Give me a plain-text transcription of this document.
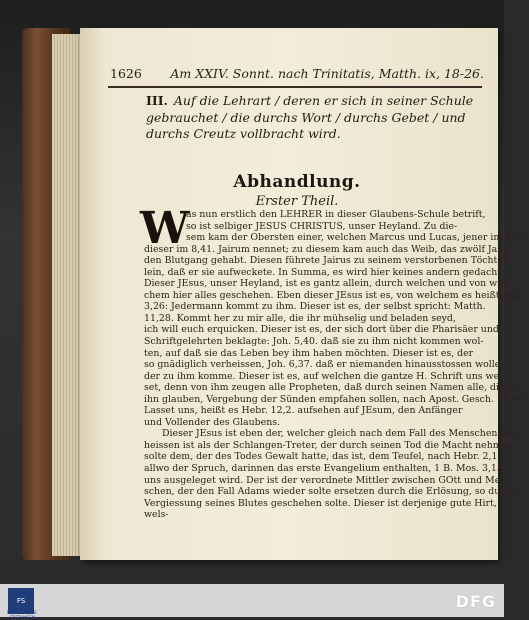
1626 Am XXIV. Sonnt. nach Trinitatis, Matth. ix, 18-26.
III. Auf die Lehrart / deren er sich in seiner Schule gebrauchet / die durchs Wort / durchs Gebet / und durchs Creutz vollbracht wird.
Abhandlung.
Erster Theil.
W
as nun erstlich den LEHRER in dieser Glaubens-Schule betrift,
so ist selbiger JESUS CHRISTUS, unser Heyland. Zu die-
sem kam der Obersten einer, welchen Marcus und Lucas, jener im 5,22.
dieser im 8,41. Jairum nennet; zu diesem kam auch das Weib, das zwölf Jahr
den Blutgang gehabt. Diesen führete Jairus zu seinem verstorbenen Töchter-
lein, daß er sie aufweckete. In Summa, es wird hier keines andern gedacht.
Dieser JEsus, unser Heyland, ist es gantz allein, durch welchen und von wel-
chem hier alles geschehen. Eben dieser JEsus ist es, von welchem es heißt Joh.
3,26: Jedermann kommt zu ihm. Dieser ist es, der selbst spricht: Matth.
11,28. Kommt her zu mir alle, die ihr mühselig und beladen seyd,
ich will euch erquicken. Dieser ist es, der sich dort über die Pharisäer und
Schriftgelehrten beklagte: Joh. 5,40. daß sie zu ihm nicht kommen wol-
ten, auf daß sie das Leben bey ihm haben möchten. Dieser ist es, der
so gnädiglich verheissen, Joh. 6,37. daß er niemanden hinausstossen wolle,
der zu ihm komme. Dieser ist es, auf welchen die gantze H. Schrift uns wei-
set, denn von ihm zeugen alle Propheten, daß durch seinen Namen alle, die an
ihn glauben, Vergebung der Sünden empfahen sollen, nach Apost. Gesch. 10,43.
Lasset uns, heißt es Hebr. 12,2. aufsehen auf JEsum, den Anfänger
und Vollender des Glaubens.
Dieser JEsus ist eben der, welcher gleich nach dem Fall des Menschen ver-
heissen ist als der Schlangen-Treter, der durch seinen Tod die Macht nehmen
solte dem, der des Todes Gewalt hatte, das ist, dem Teufel, nach Hebr. 2,14.
allwo der Spruch, darinnen das erste Evangelium enthalten, 1 B. Mos. 3,15.
uns ausgeleget wird. Der ist der verordnete Mittler zwischen GOtt und Men-
schen, der den Fall Adams wieder solte ersetzen durch die Erlösung, so durch
Vergiessung seines Blutes geschehen solte. Dieser ist derjenige gute Hirt, zu
wels-
FS
FRANCKESCHE STIFTUNGEN
DFG
